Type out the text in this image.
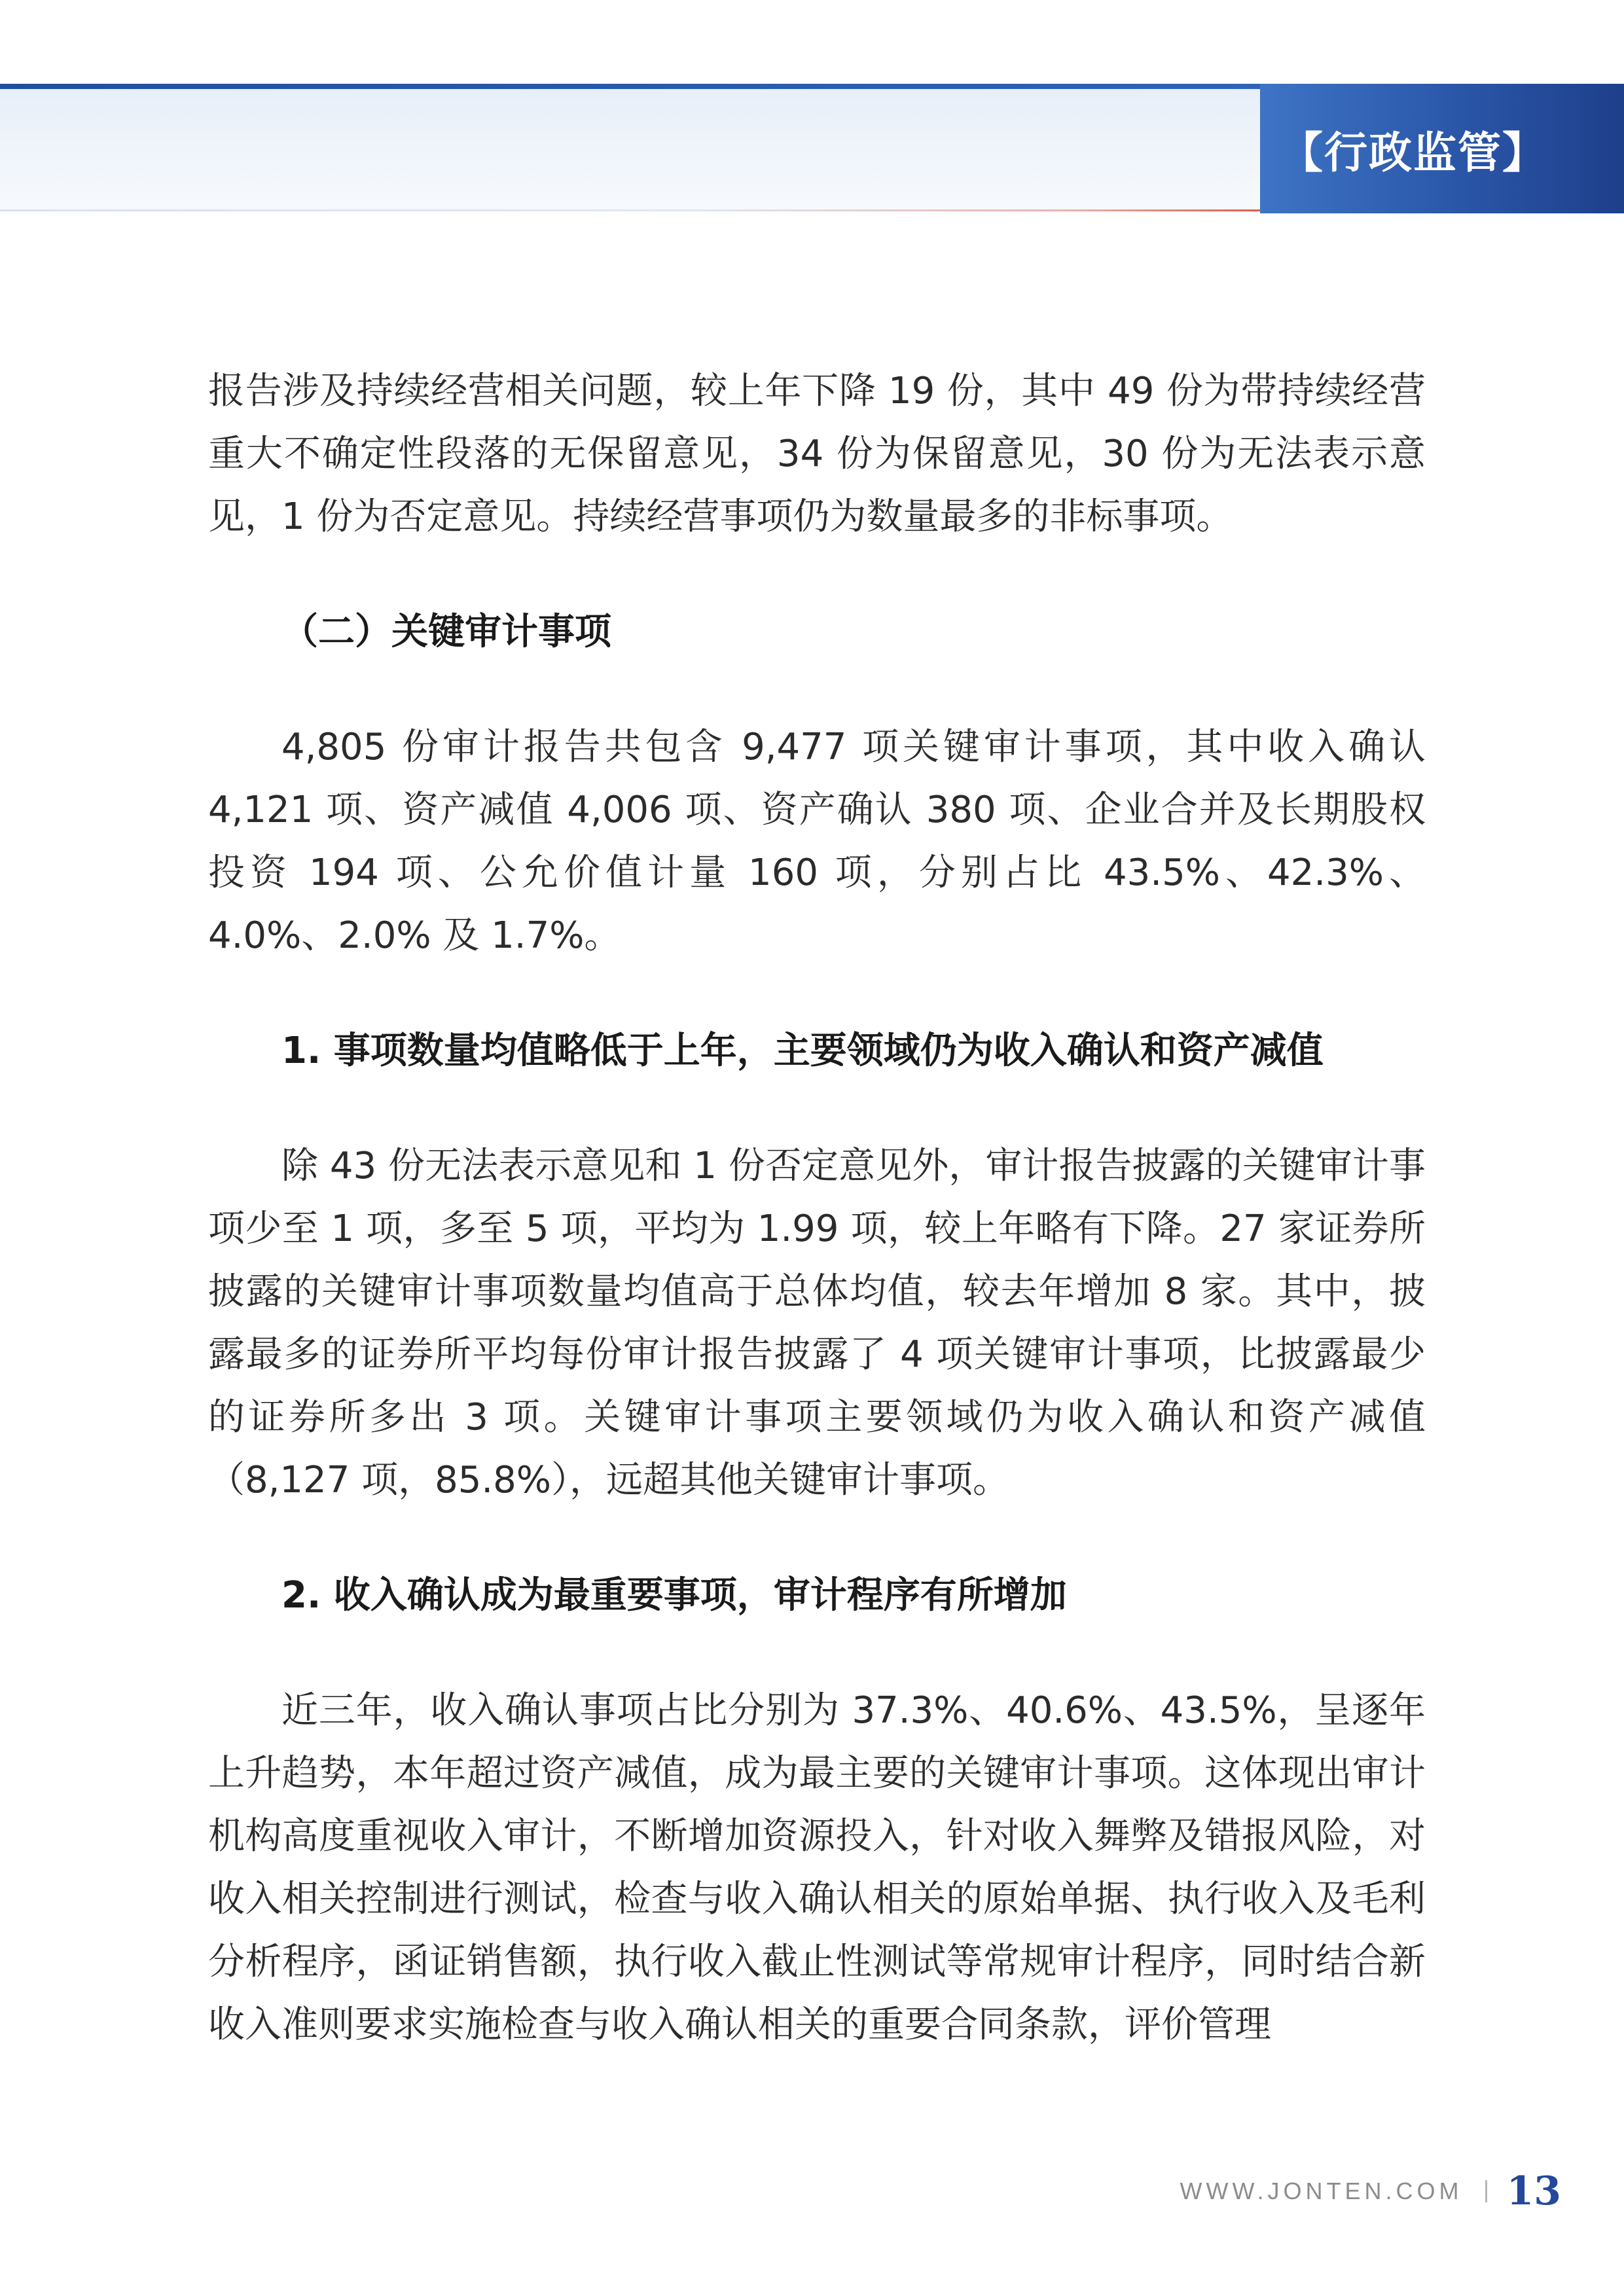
【行政监管】

报告涉及持续经营相关问题，较上年下降 19 份，其中 49 份为带持续经营重大不确定性段落的无保留意见，34 份为保留意见，30 份为无法表示意见，1 份为否定意见。持续经营事项仍为数量最多的非标事项。

（二）关键审计事项

4,805 份审计报告共包含 9,477 项关键审计事项，其中收入确认 4,121 项、资产减值 4,006 项、资产确认 380 项、企业合并及长期股权投资 194 项、公允价值计量 160 项，分别占比 43.5%、42.3%、4.0%、2.0% 及 1.7%。

1. 事项数量均值略低于上年，主要领域仍为收入确认和资产减值

除 43 份无法表示意见和 1 份否定意见外，审计报告披露的关键审计事项少至 1 项，多至 5 项，平均为 1.99 项，较上年略有下降。27 家证券所披露的关键审计事项数量均值高于总体均值，较去年增加 8 家。其中，披露最多的证券所平均每份审计报告披露了 4 项关键审计事项，比披露最少的证券所多出 3 项。关键审计事项主要领域仍为收入确认和资产减值（8,127 项，85.8%），远超其他关键审计事项。

2. 收入确认成为最重要事项，审计程序有所增加

近三年，收入确认事项占比分别为 37.3%、40.6%、43.5%，呈逐年上升趋势，本年超过资产减值，成为最主要的关键审计事项。这体现出审计机构高度重视收入审计，不断增加资源投入，针对收入舞弊及错报风险，对收入相关控制进行测试，检查与收入确认相关的原始单据、执行收入及毛利分析程序，函证销售额，执行收入截止性测试等常规审计程序，同时结合新收入准则要求实施检查与收入确认相关的重要合同条款，评价管理

WWW.JONTEN.COM 13
